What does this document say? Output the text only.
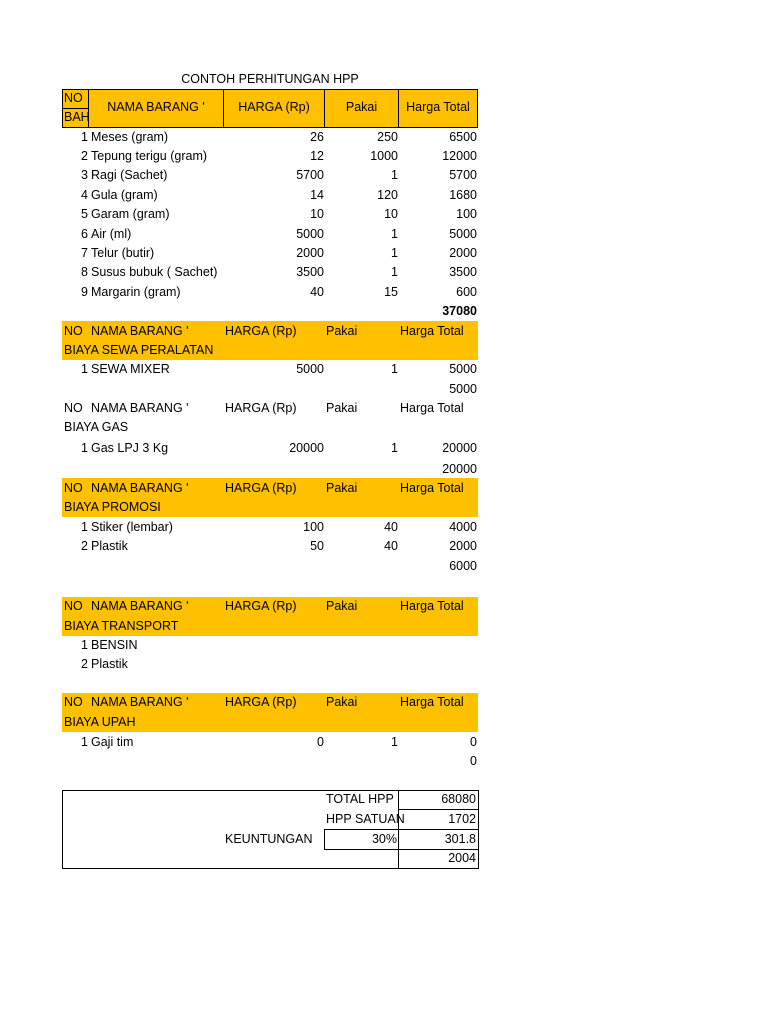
CONTOH PERHITUNGAN HPP
NO
BAH
NAMA BARANG '	HARGA (Rp)	Pakai	Harga Total
1 Meses (gram)	26	250	6500
2 Tepung terigu (gram)	12	1000	12000
3 Ragi (Sachet)	5700	1	5700
4 Gula (gram)	14	120	1680
5 Garam (gram)	10	10	100
6 Air (ml)	5000	1	5000
7 Telur (butir)	2000	1	2000
8 Susus bubuk ( Sachet)	3500	1	3500
9 Margarin (gram)	40	15	600
37080
NO NAMA BARANG '	HARGA (Rp) Pakai	Harga Total
BIAYA SEWA PERALATAN
1 SEWA MIXER	5000	1	5000
5000
NO NAMA BARANG '	HARGA (Rp) Pakai	Harga Total
BIAYA GAS
1 Gas LPJ 3 Kg	20000	1	20000
20000
NO NAMA BARANG '	HARGA (Rp) Pakai	Harga Total
BIAYA PROMOSI
1 Stiker (lembar)	100	40	4000
2 Plastik	50	40	2000
6000
NO NAMA BARANG '	HARGA (Rp) Pakai	Harga Total
BIAYA TRANSPORT
1 BENSIN
2 Plastik
NO NAMA BARANG '	HARGA (Rp) Pakai	Harga Total
BIAYA UPAH
1 Gaji tim	0	1	0
0
TOTAL HPP	68080
HPP SATUAN	1702
KEUNTUNGAN	30%	301.8
2004
